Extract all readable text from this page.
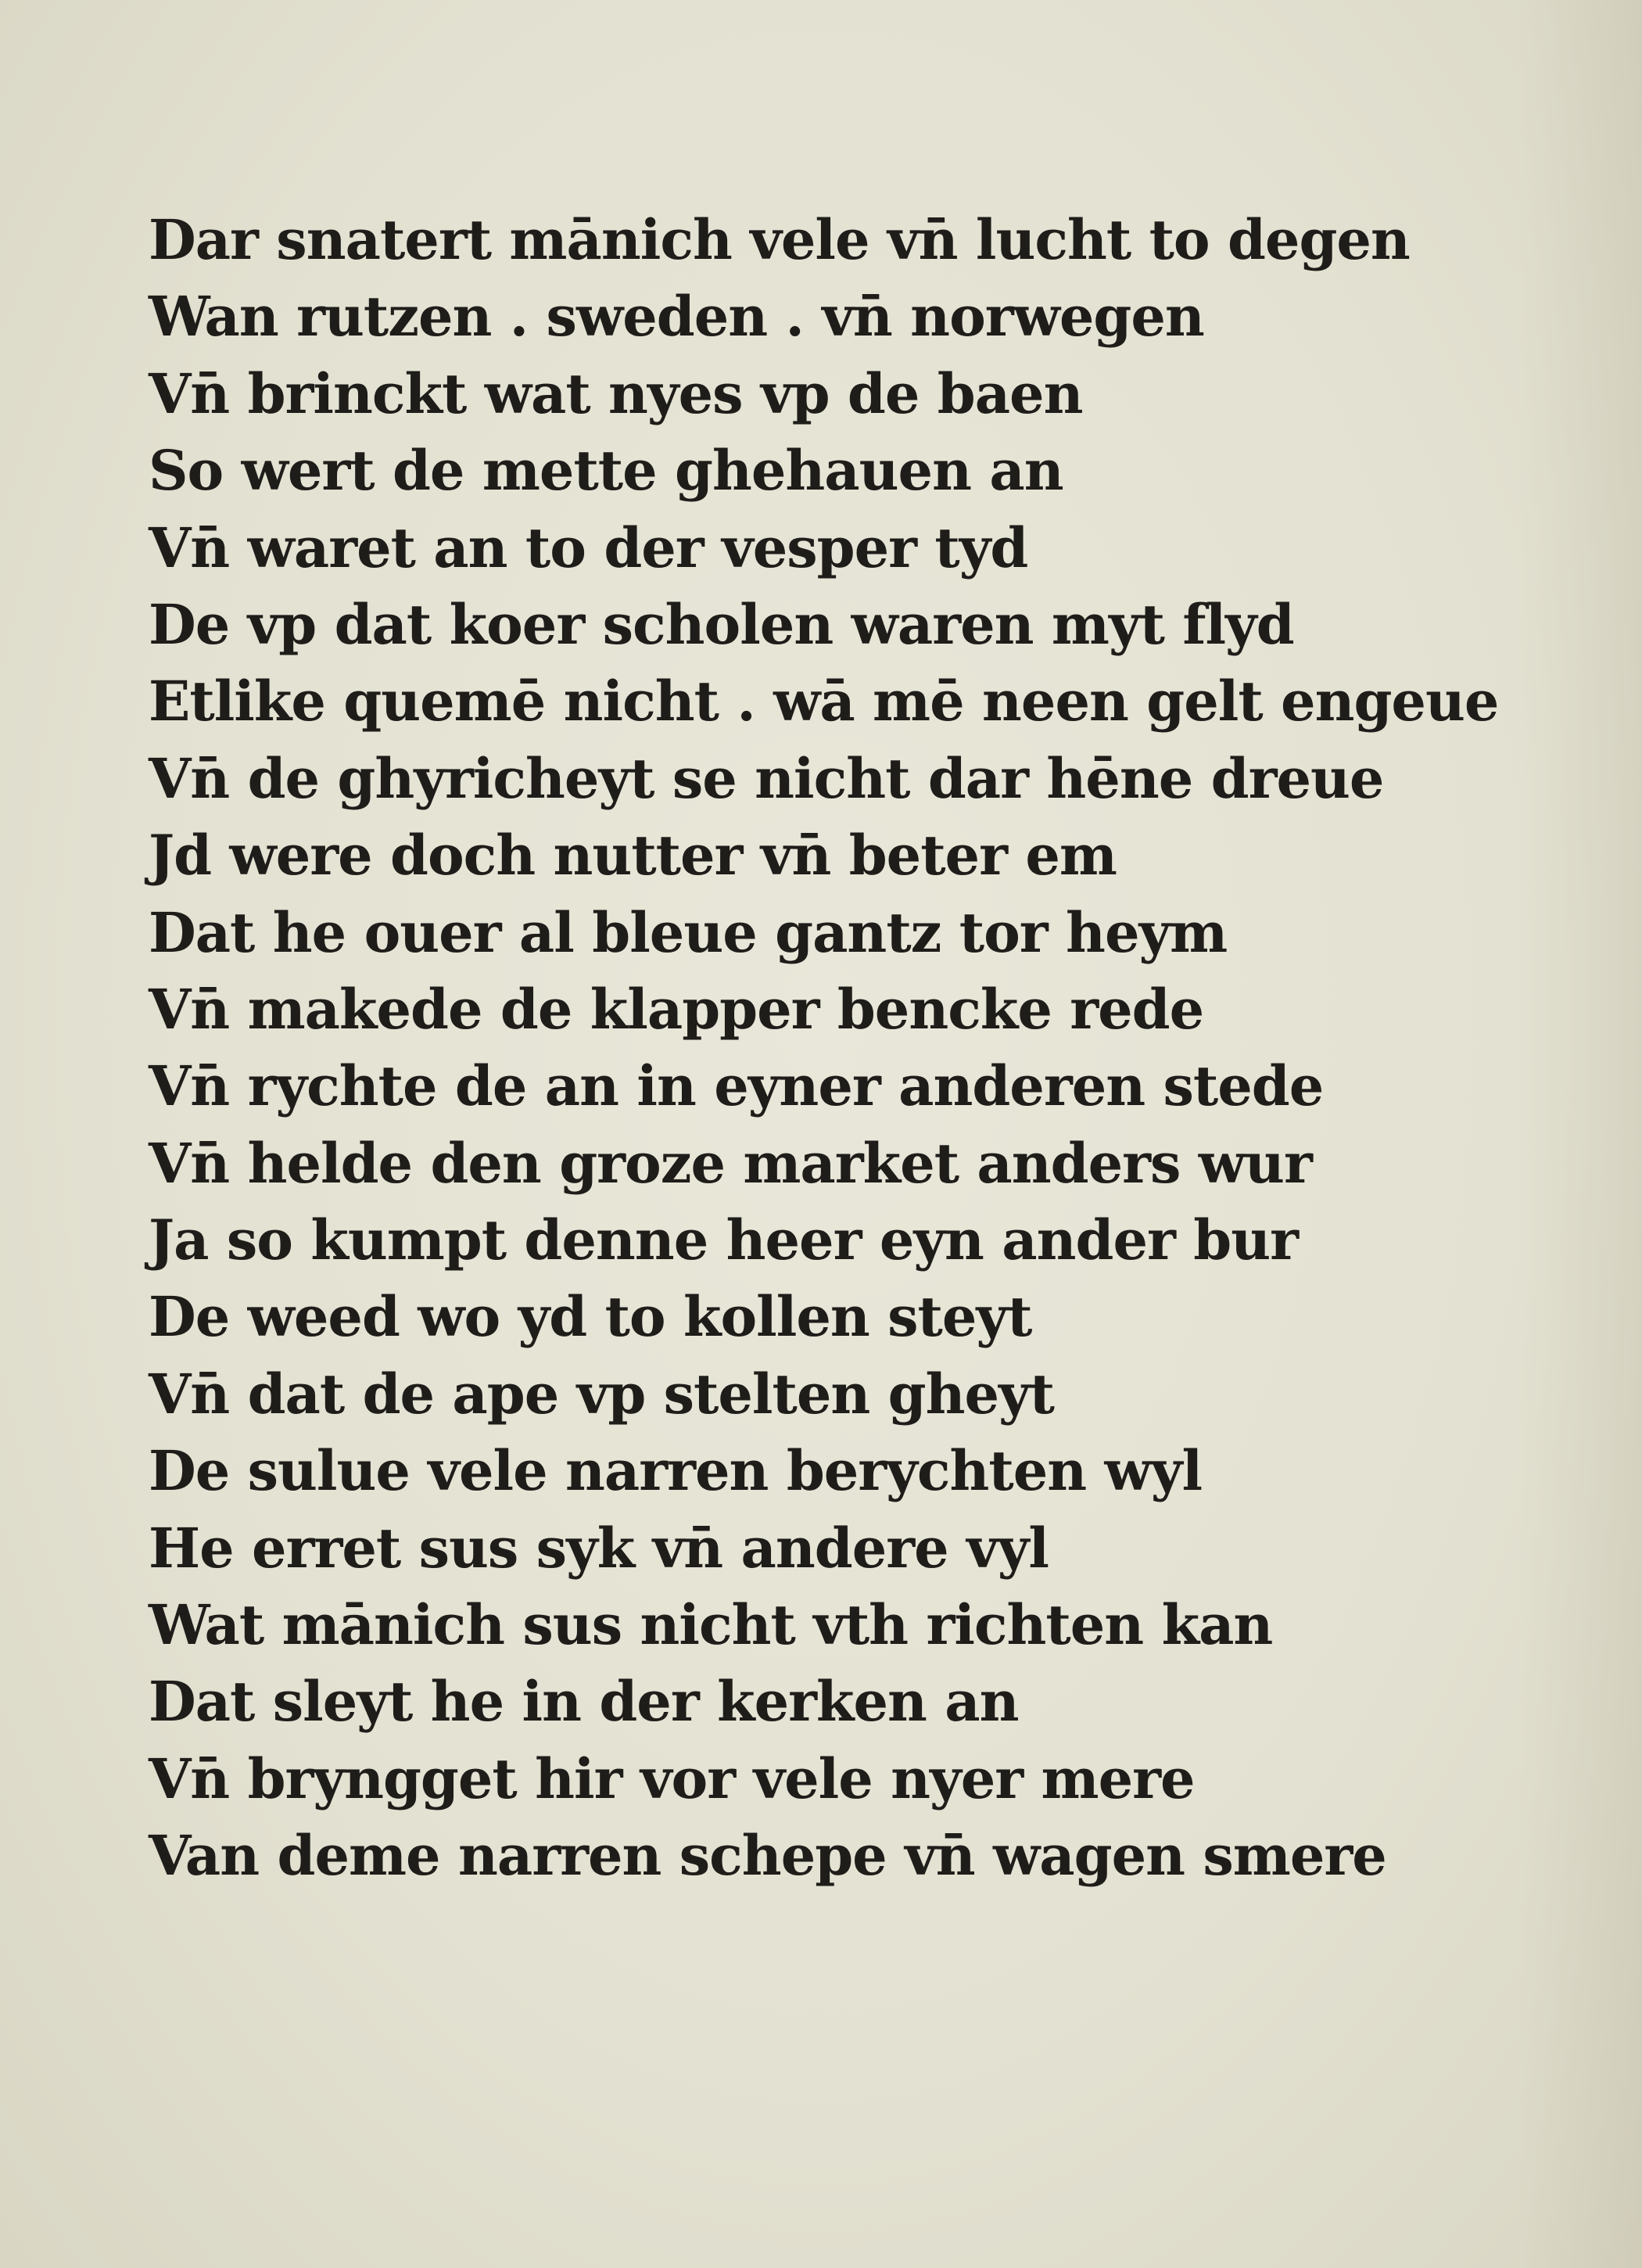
Dar snatert mānich vele vn̄ lucht to degen
Wan rutzen . sweden . vn̄ norwegen
Vn̄ brinckt wat nyes vp de baen
So wert de mette ghehauen an
Vn̄ waret an to der vesper tyd
De vp dat koer scholen waren myt flyd
Etlike quemē nicht . wā mē neen gelt engeue
Vn̄ de ghyricheyt se nicht dar hēne dreue
Jd were doch nutter vn̄ beter em
Dat he ouer al bleue gantz tor heym
Vn̄ makede de klapper bencke rede
Vn̄ rychte de an in eyner anderen stede
Vn̄ helde den groze market anders wur
Ja so kumpt denne heer eyn ander bur
De weed wo yd to kollen steyt
Vn̄ dat de ape vp stelten gheyt
De sulue vele narren berychten wyl
He erret sus syk vn̄ andere vyl
Wat mānich sus nicht vth richten kan
Dat sleyt he in der kerken an
Vn̄ bryngget hir vor vele nyer mere
Van deme narren schepe vn̄ wagen smere
